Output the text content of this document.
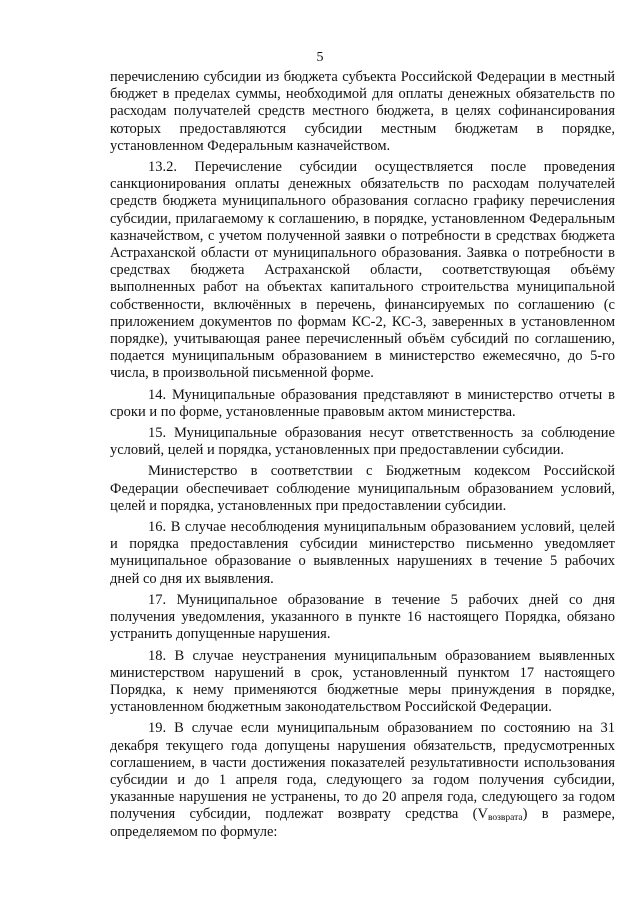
5

перечислению субсидии из бюджета субъекта Российской Федерации в местный бюджет в пределах суммы, необходимой для оплаты денежных обязательств по расходам получателей средств местного бюджета, в целях софинансирования которых предоставляются субсидии местным бюджетам в порядке, установленном Федеральным казначейством.

13.2. Перечисление субсидии осуществляется после проведения санкционирования оплаты денежных обязательств по расходам получателей средств бюджета муниципального образования согласно графику перечисления субсидии, прилагаемому к соглашению, в порядке, установленном Федеральным казначейством, с учетом полученной заявки о потребности в средствах бюджета Астраханской области от муниципального образования. Заявка о потребности в средствах бюджета Астраханской области, соответствующая объёму выполненных работ на объектах капитального строительства муниципальной собственности, включённых в перечень, финансируемых по соглашению (с приложением документов по формам КС-2, КС-3, заверенных в установленном порядке), учитывающая ранее перечисленный объём субсидий по соглашению, подается муниципальным образованием в министерство ежемесячно, до 5-го числа, в произвольной письменной форме.

14. Муниципальные образования представляют в министерство отчеты в сроки и по форме, установленные правовым актом министерства.

15. Муниципальные образования несут ответственность за соблюдение условий, целей и порядка, установленных при предоставлении субсидии.

Министерство в соответствии с Бюджетным кодексом Российской Федерации обеспечивает соблюдение муниципальным образованием условий, целей и порядка, установленных при предоставлении субсидии.

16. В случае несоблюдения муниципальным образованием условий, целей и порядка предоставления субсидии министерство письменно уведомляет муниципальное образование о выявленных нарушениях в течение 5 рабочих дней со дня их выявления.

17. Муниципальное образование в течение 5 рабочих дней со дня получения уведомления, указанного в пункте 16 настоящего Порядка, обязано устранить допущенные нарушения.

18. В случае неустранения муниципальным образованием выявленных министерством нарушений в срок, установленный пунктом 17 настоящего Порядка, к нему применяются бюджетные меры принуждения в порядке, установленном бюджетным законодательством Российской Федерации.

19. В случае если муниципальным образованием по состоянию на 31 декабря текущего года допущены нарушения обязательств, предусмотренных соглашением, в части достижения показателей результативности использования субсидии и до 1 апреля года, следующего за годом получения субсидии, указанные нарушения не устранены, то до 20 апреля года, следующего за годом получения субсидии, подлежат возврату средства $(V_{возврата})$ в размере, определяемом по формуле:
